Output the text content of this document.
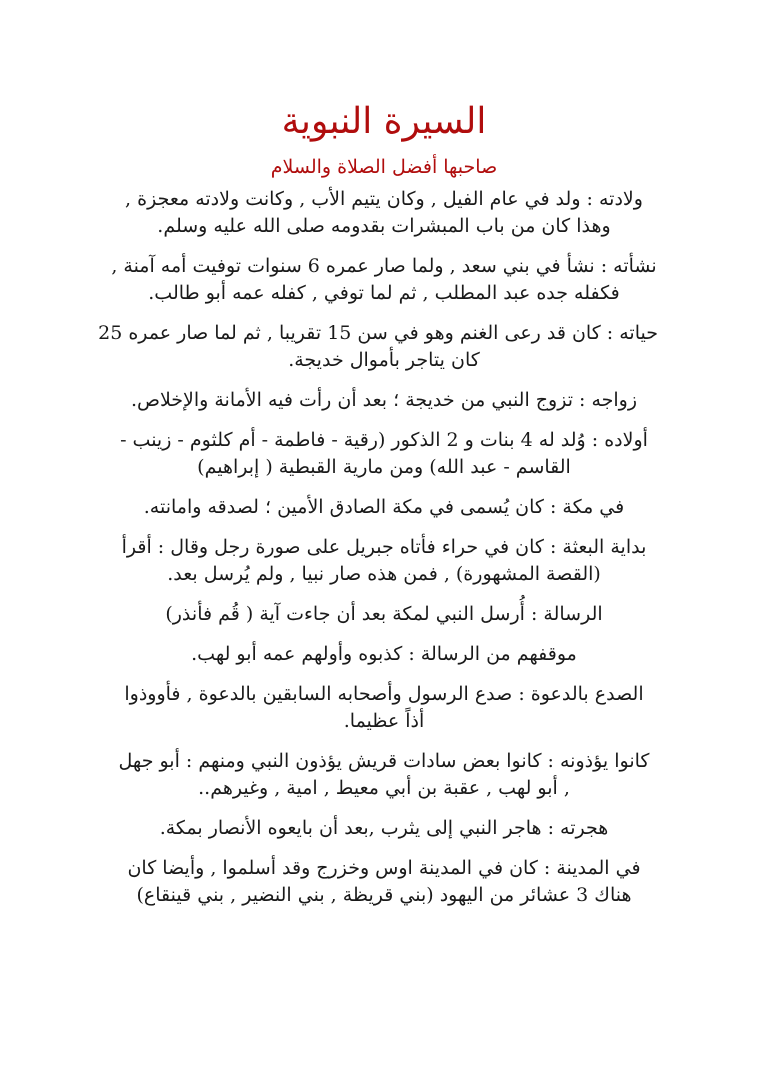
السيرة النبوية
صاحبها أفضل الصلاة والسلام

ولادته : ولد في عام الفيل , وكان يتيم الأب , وكانت ولادته معجزة ,
وهذا كان من باب المبشرات بقدومه صلى الله عليه وسلم.

نشأته : نشأ في بني سعد , ولما صار عمره 6 سنوات توفيت أمه آمنة ,
فكفله جده عبد المطلب , ثم لما توفي , كفله عمه أبو طالب.

حياته : كان قد رعى الغنم وهو في سن 15 تقريبا , ثم لما صار عمره 25
كان يتاجر بأموال خديجة.

زواجه : تزوج النبي من خديجة ؛ بعد أن رأت فيه الأمانة والإخلاص.

أولاده : وُلد له 4 بنات و 2 الذكور (رقية - فاطمة - أم كلثوم - زينب -
القاسم - عبد الله) ومن مارية القبطية ( إبراهيم)

في مكة : كان يُسمى في مكة الصادق الأمين ؛ لصدقه وامانته.

بداية البعثة : كان في حراء فأتاه جبريل على صورة رجل وقال : أقرأ
(القصة المشهورة) , فمن هذه صار نبيا , ولم يُرسل بعد.

الرسالة : أُرسل النبي لمكة بعد أن جاءت آية ( قُم فأنذر)

موقفهم من الرسالة : كذبوه وأولهم عمه أبو لهب.

الصدع بالدعوة : صدع الرسول وأصحابه السابقين بالدعوة , فأووذوا
أذاً عظيما.

كانوا يؤذونه : كانوا بعض سادات قريش يؤذون النبي ومنهم : أبو جهل
, أبو لهب , عقبة بن أبي معيط , امية , وغيرهم..

هجرته : هاجر النبي إلى يثرب ,بعد أن بايعوه الأنصار بمكة.

في المدينة : كان في المدينة اوس وخزرج وقد أسلموا , وأيضا كان
هناك 3 عشائر من اليهود (بني قريظة , بني النضير , بني قينقاع)
